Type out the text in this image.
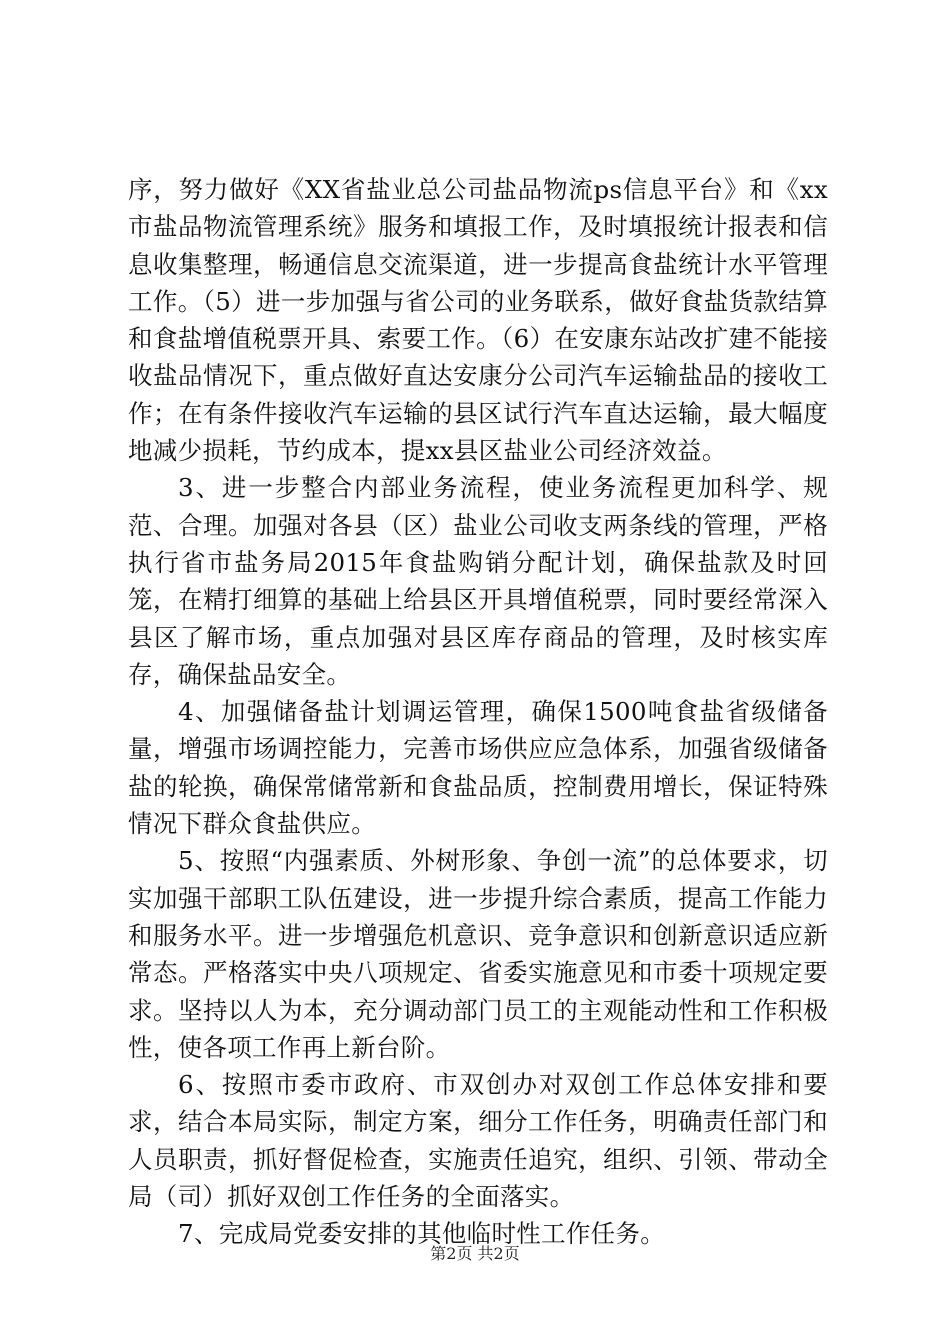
序，努力做好《XX省盐业总公司盐品物流ps信息平台》和《xx市盐品物流管理系统》服务和填报工作，及时填报统计报表和信息收集整理，畅通信息交流渠道，进一步提高食盐统计水平管理工作。（5）进一步加强与省公司的业务联系，做好食盐货款结算和食盐增值税票开具、索要工作。（6）在安康东站改扩建不能接收盐品情况下，重点做好直达安康分公司汽车运输盐品的接收工作；在有条件接收汽车运输的县区试行汽车直达运输，最大幅度地减少损耗，节约成本，提xx县区盐业公司经济效益。

3、进一步整合内部业务流程，使业务流程更加科学、规范、合理。加强对各县（区）盐业公司收支两条线的管理，严格执行省市盐务局2015年食盐购销分配计划，确保盐款及时回笼，在精打细算的基础上给县区开具增值税票，同时要经常深入县区了解市场，重点加强对县区库存商品的管理，及时核实库存，确保盐品安全。

4、加强储备盐计划调运管理，确保1500吨食盐省级储备量，增强市场调控能力，完善市场供应应急体系，加强省级储备盐的轮换，确保常储常新和食盐品质，控制费用增长，保证特殊情况下群众食盐供应。

5、按照“内强素质、外树形象、争创一流”的总体要求，切实加强干部职工队伍建设，进一步提升综合素质，提高工作能力和服务水平。进一步增强危机意识、竞争意识和创新意识适应新常态。严格落实中央八项规定、省委实施意见和市委十项规定要求。坚持以人为本，充分调动部门员工的主观能动性和工作积极性，使各项工作再上新台阶。

6、按照市委市政府、市双创办对双创工作总体安排和要求，结合本局实际，制定方案，细分工作任务，明确责任部门和人员职责，抓好督促检查，实施责任追究，组织、引领、带动全局（司）抓好双创工作任务的全面落实。

7、完成局党委安排的其他临时性工作任务。

第2页 共2页
